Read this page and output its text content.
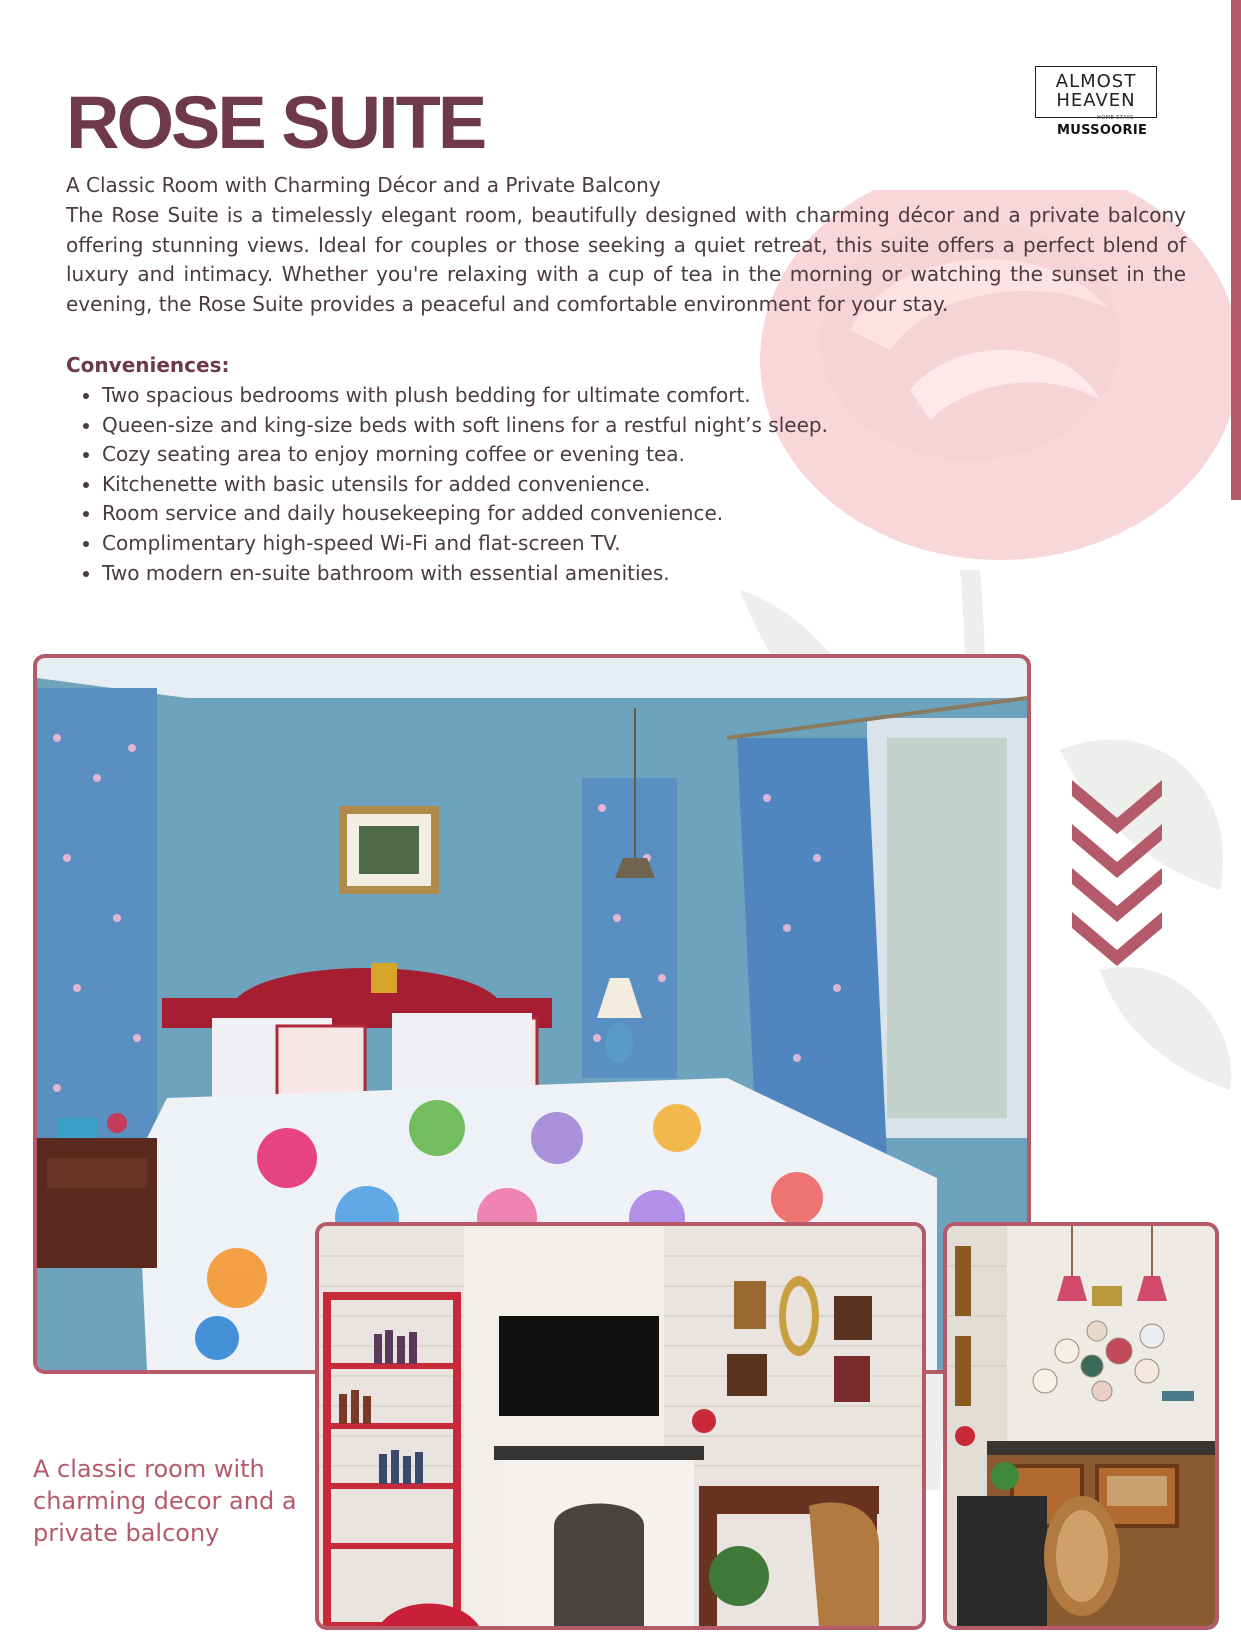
ALMOST
HEAVEN
HOME STAYS
MUSSOORIE
ROSE SUITE
A Classic Room with Charming Décor and a Private Balcony

The Rose Suite is a timelessly elegant room, beautifully designed with charming décor and a private balcony offering stunning views. Ideal for couples or those seeking a quiet retreat, this suite offers a perfect blend of luxury and intimacy. Whether you're relaxing with a cup of tea in the morning or watching the sunset in the evening, the Rose Suite provides a peaceful and comfortable environment for your stay.

Conveniences:
• Two spacious bedrooms with plush bedding for ultimate comfort.
• Queen-size and king-size beds with soft linens for a restful night’s sleep.
• Cozy seating area to enjoy morning coffee or evening tea.
• Kitchenette with basic utensils for added convenience.
• Room service and daily housekeeping for added convenience.
• Complimentary high-speed Wi-Fi and flat-screen TV.
• Two modern en-suite bathroom with essential amenities.

A classic room with charming decor and a private balcony
